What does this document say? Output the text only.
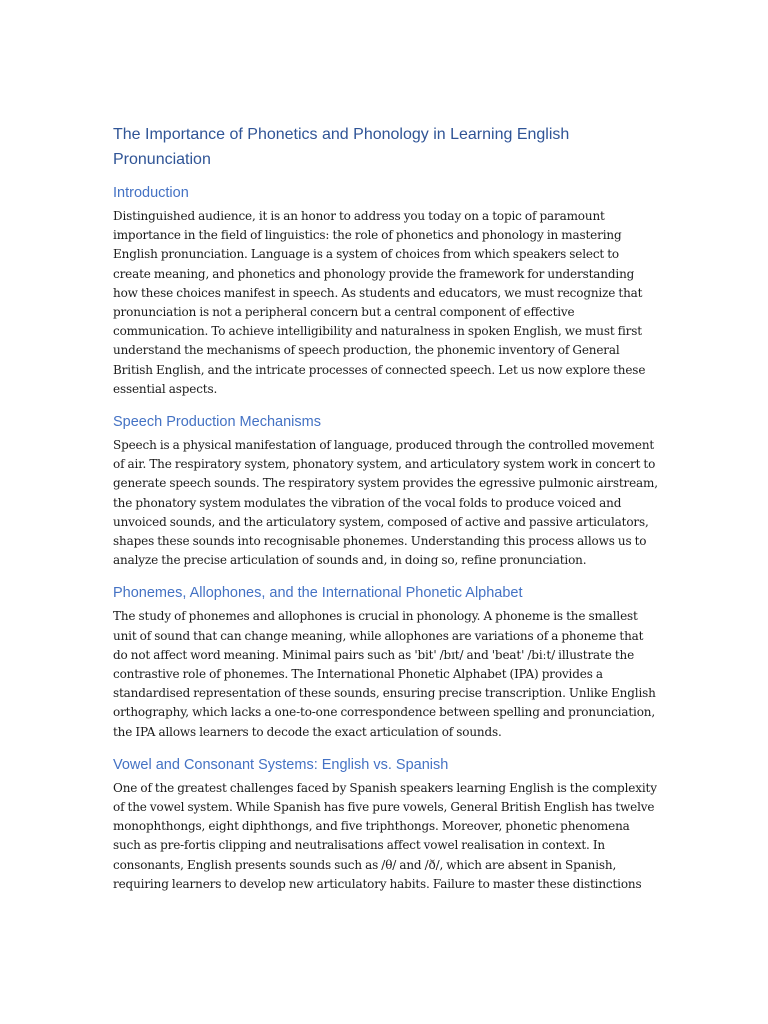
The Importance of Phonetics and Phonology in Learning English Pronunciation
Introduction

Distinguished audience, it is an honor to address you today on a topic of paramount importance in the field of linguistics: the role of phonetics and phonology in mastering English pronunciation. Language is a system of choices from which speakers select to create meaning, and phonetics and phonology provide the framework for understanding how these choices manifest in speech. As students and educators, we must recognize that pronunciation is not a peripheral concern but a central component of effective communication. To achieve intelligibility and naturalness in spoken English, we must first understand the mechanisms of speech production, the phonemic inventory of General British English, and the intricate processes of connected speech. Let us now explore these essential aspects.

Speech Production Mechanisms

Speech is a physical manifestation of language, produced through the controlled movement of air. The respiratory system, phonatory system, and articulatory system work in concert to generate speech sounds. The respiratory system provides the egressive pulmonic airstream, the phonatory system modulates the vibration of the vocal folds to produce voiced and unvoiced sounds, and the articulatory system, composed of active and passive articulators, shapes these sounds into recognisable phonemes. Understanding this process allows us to analyze the precise articulation of sounds and, in doing so, refine pronunciation.

Phonemes, Allophones, and the International Phonetic Alphabet

The study of phonemes and allophones is crucial in phonology. A phoneme is the smallest unit of sound that can change meaning, while allophones are variations of a phoneme that do not affect word meaning. Minimal pairs such as 'bit' /bɪt/ and 'beat' /biːt/ illustrate the contrastive role of phonemes. The International Phonetic Alphabet (IPA) provides a standardised representation of these sounds, ensuring precise transcription. Unlike English orthography, which lacks a one-to-one correspondence between spelling and pronunciation, the IPA allows learners to decode the exact articulation of sounds.

Vowel and Consonant Systems: English vs. Spanish

One of the greatest challenges faced by Spanish speakers learning English is the complexity of the vowel system. While Spanish has five pure vowels, General British English has twelve monophthongs, eight diphthongs, and five triphthongs. Moreover, phonetic phenomena such as pre-fortis clipping and neutralisations affect vowel realisation in context. In consonants, English presents sounds such as /θ/ and /ð/, which are absent in Spanish, requiring learners to develop new articulatory habits. Failure to master these distinctions
